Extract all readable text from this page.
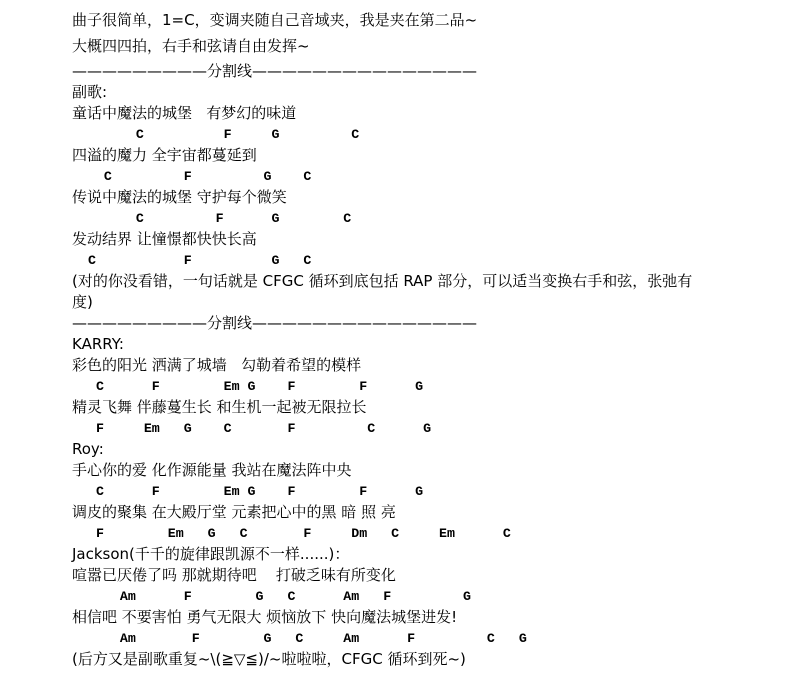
曲子很简单，1=C，变调夹随自己音域夹，我是夹在第二品~
大概四四拍，右手和弦请自由发挥~
—————————分割线———————————————
副歌:
童话中魔法的城堡   有梦幻的味道
C          F     G         C
四溢的魔力 全宇宙都蔓延到
C         F         G    C
传说中魔法的城堡 守护每个微笑
C         F      G        C
发动结界 让憧憬都快快长高
C           F          G   C
(对的你没看错，一句话就是 CFGC 循环到底包括 RAP 部分，可以适当变换右手和弦，张弛有
度)
—————————分割线———————————————
KARRY:
彩色的阳光 洒满了城墙   勾勒着希望的模样
C      F        Em G    F        F      G
精灵飞舞 伴藤蔓生长 和生机一起被无限拉长
F     Em   G    C       F         C      G
Roy:
手心你的爱 化作源能量 我站在魔法阵中央
C      F        Em G    F        F      G
调皮的聚集 在大殿厅堂 元素把心中的黑 暗 照 亮
F        Em   G   C       F     Dm   C     Em      C
Jackson(千千的旋律跟凯源不一样......)：
喧嚣已厌倦了吗 那就期待吧    打破乏味有所变化
Am      F        G   C      Am   F         G
相信吧 不要害怕 勇气无限大 烦恼放下 快向魔法城堡进发!
Am       F        G   C     Am      F         C   G
(后方又是副歌重复~\(≧▽≦)/~啦啦啦，CFGC 循环到死~)
